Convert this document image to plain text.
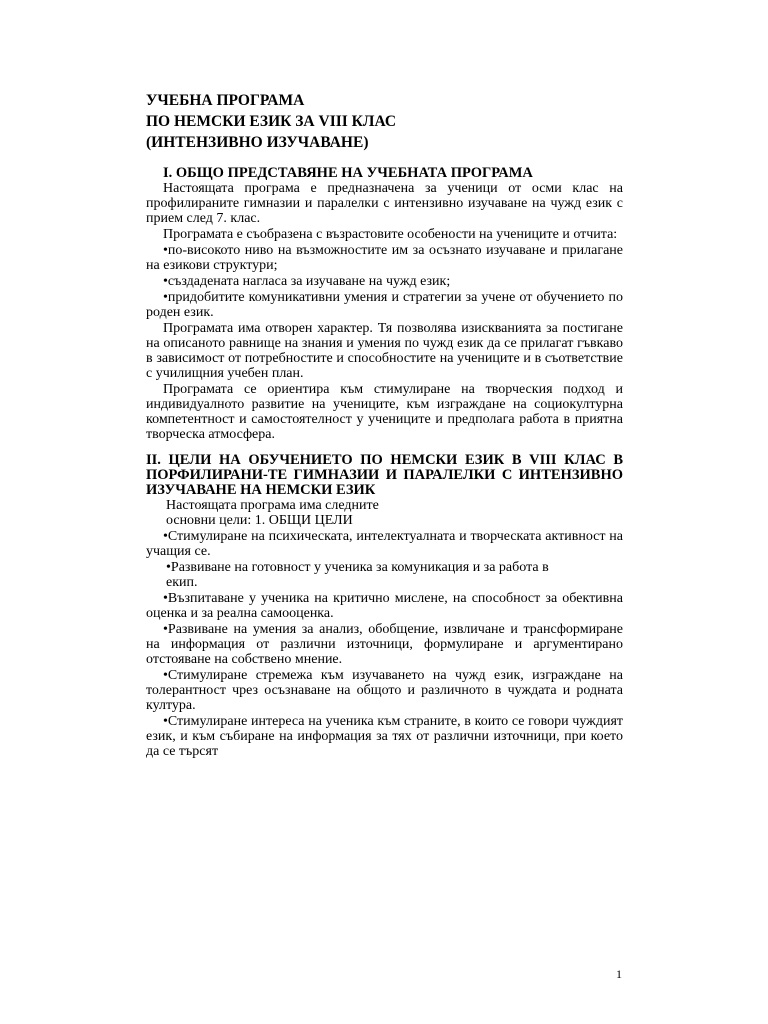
УЧЕБНА ПРОГРАМА

ПО НЕМСКИ ЕЗИК ЗА VIII КЛАС

(ИНТЕНЗИВНО ИЗУЧАВАНЕ)

I. ОБЩО ПРЕДСТАВЯНЕ НА УЧЕБНАТА ПРОГРАМА

Настоящата програма е предназначена за ученици от осми клас на профилираните гимназии и паралелки с интензивно изучаване на чужд език с прием след 7. клас.

Програмата е съобразена с възрастовите особености на учениците и отчита:

•по-високото ниво на възможностите им за осъзнато изучаване и прилагане на езикови структури;

•създадената нагласа за изучаване на чужд език;

•придобитите комуникативни умения и стратегии за учене от обучението по роден език.

Програмата има отворен характер. Тя позволява изискванията за постигане на описаното равнище на знания и умения по чужд език да се прилагат гъвкаво в зависимост от потребностите и способностите на учениците и в съответствие с училищния учебен план.

Програмата се ориентира към стимулиране на творческия подход и индивидуалното развитие на учениците, към изграждане на социокултурна компетентност и самостоятелност у учениците и предполага работа в приятна творческа атмосфера.

II. ЦЕЛИ НА ОБУЧЕНИЕТО ПО НЕМСКИ ЕЗИК В VIII КЛАС В ПОРФИЛИРАНИ-ТЕ ГИМНАЗИИ И ПАРАЛЕЛКИ С ИНТЕНЗИВНО ИЗУЧАВАНЕ НА НЕМСКИ ЕЗИК

Настоящата програма има следните

основни цели: 1. ОБЩИ ЦЕЛИ

•Стимулиране на психическата, интелектуалната и творческата активност на учащия се.

•Развиване на готовност у ученика за комуникация и за работа в

екип.

•Възпитаване у ученика на критично мислене, на способност за обективна оценка и за реална самооценка.

•Развиване на умения за анализ, обобщение, извличане и трансформиране на информация от различни източници, формулиране и аргументирано отстояване на собствено мнение.

•Стимулиране стремежа към изучаването на чужд език, изграждане на толерантност чрез осъзнаване на общото и различното в чуждата и родната култура.

•Стимулиране интереса на ученика към страните, в които се говори чуждият език, и към събиране на информация за тях от различни източници, при което да се търсят

1
